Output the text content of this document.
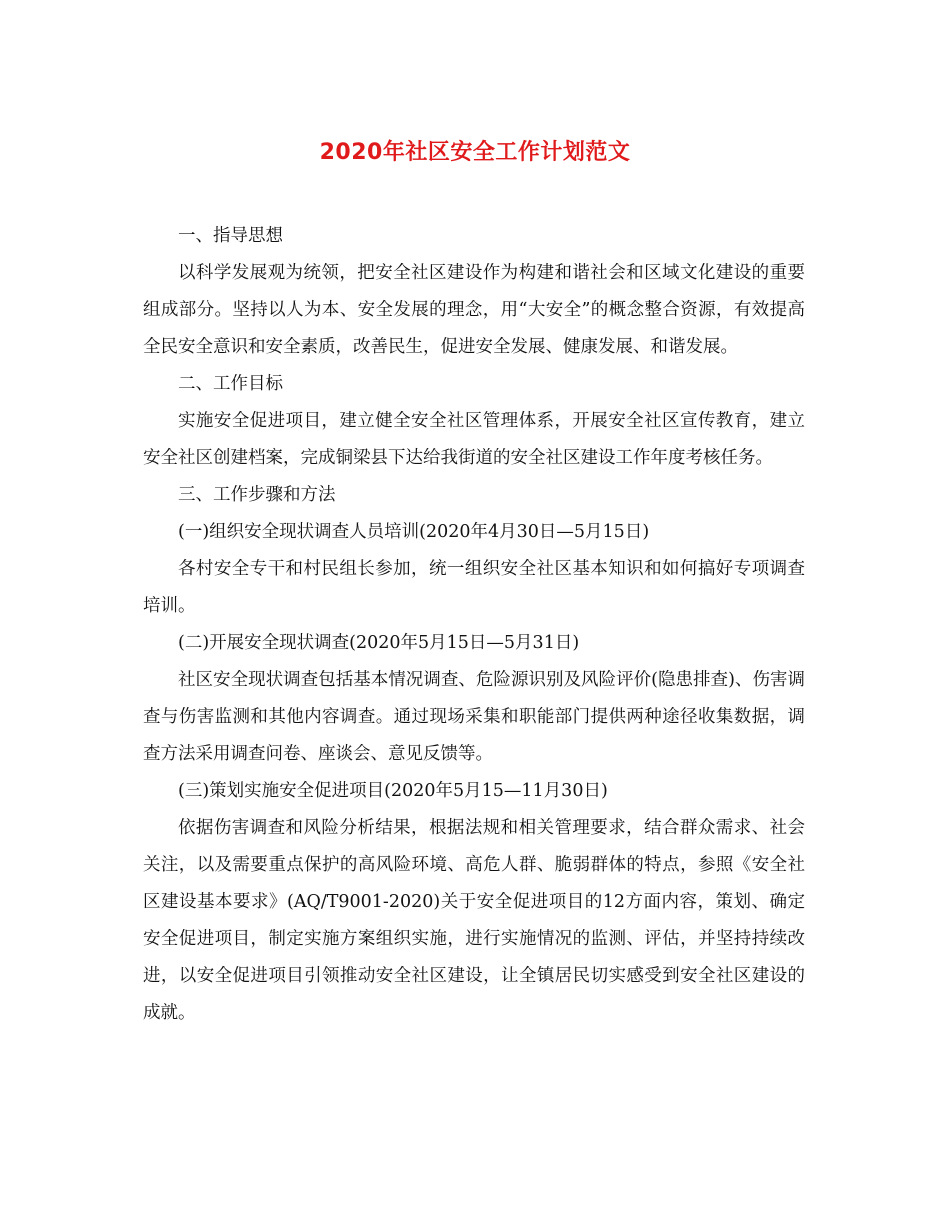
2020年社区安全工作计划范文

一、指导思想

以科学发展观为统领，把安全社区建设作为构建和谐社会和区域文化建设的重要组成部分。坚持以人为本、安全发展的理念，用“大安全”的概念整合资源，有效提高全民安全意识和安全素质，改善民生，促进安全发展、健康发展、和谐发展。

二、工作目标

实施安全促进项目，建立健全安全社区管理体系，开展安全社区宣传教育，建立安全社区创建档案，完成铜梁县下达给我街道的安全社区建设工作年度考核任务。

三、工作步骤和方法

(一)组织安全现状调查人员培训(2020年4月30日—5月15日)

各村安全专干和村民组长参加，统一组织安全社区基本知识和如何搞好专项调查培训。

(二)开展安全现状调查(2020年5月15日—5月31日)

社区安全现状调查包括基本情况调查、危险源识别及风险评价(隐患排查)、伤害调查与伤害监测和其他内容调查。通过现场采集和职能部门提供两种途径收集数据，调查方法采用调查问卷、座谈会、意见反馈等。

(三)策划实施安全促进项目(2020年5月15—11月30日)

依据伤害调查和风险分析结果，根据法规和相关管理要求，结合群众需求、社会关注，以及需要重点保护的高风险环境、高危人群、脆弱群体的特点，参照《安全社区建设基本要求》(AQ/T9001-2020)关于安全促进项目的12方面内容，策划、确定安全促进项目，制定实施方案组织实施，进行实施情况的监测、评估，并坚持持续改进，以安全促进项目引领推动安全社区建设，让全镇居民切实感受到安全社区建设的成就。
